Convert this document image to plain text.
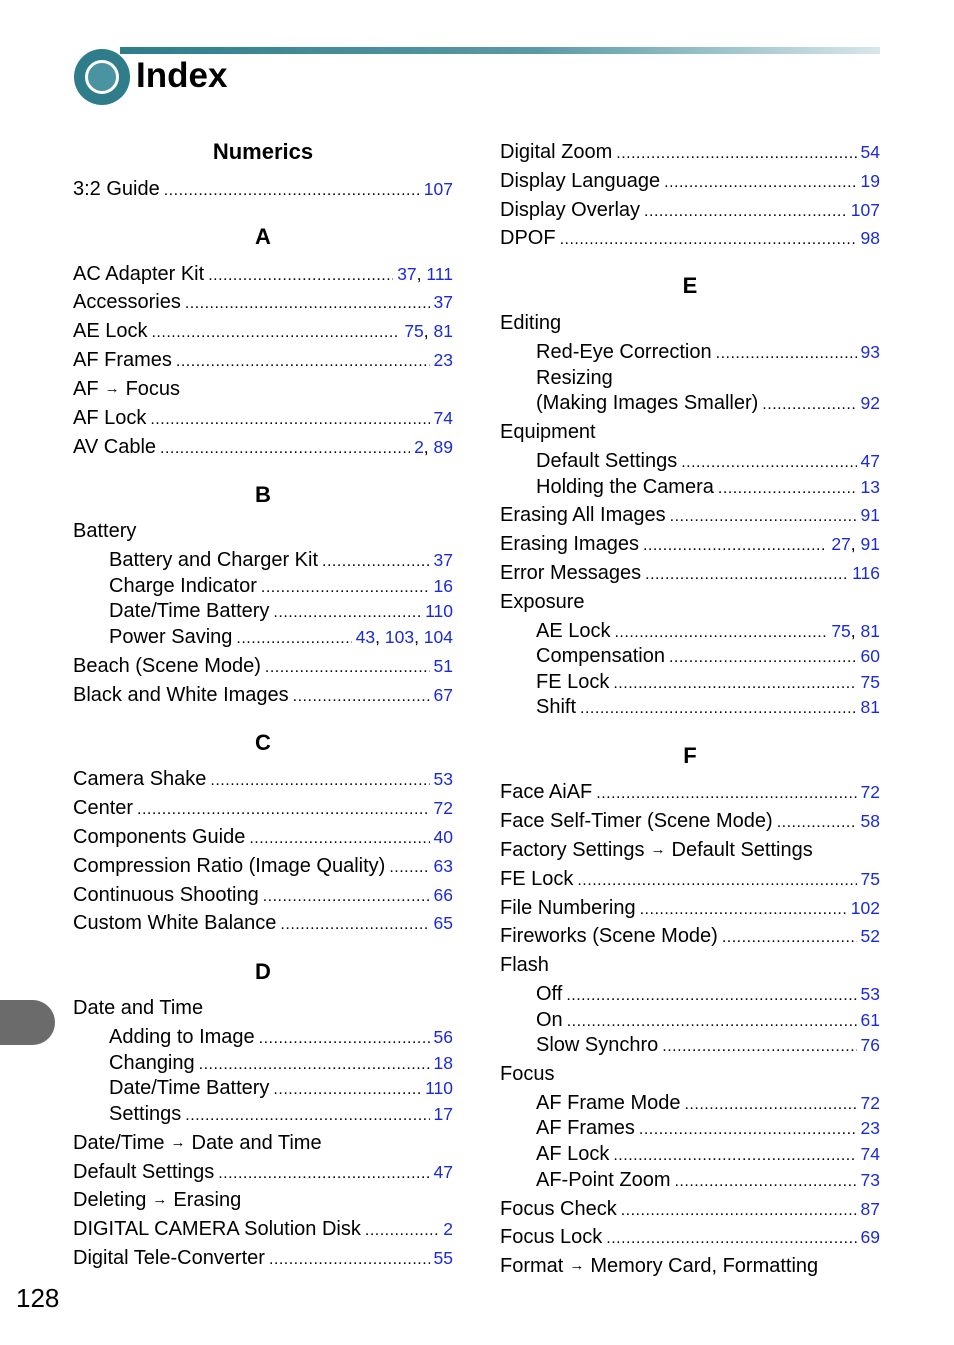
Index
Numerics
3:2 Guide .....	107
A
AC Adapter Kit .....	37, 111
Accessories .....	37
AE Lock .....	75, 81
AF Frames .....	23
AF → Focus
AF Lock .....	74
AV Cable .....	2, 89
B
Battery
Battery and Charger Kit .....	37
Charge Indicator .....	16
Date/Time Battery .....	110
Power Saving .....	43, 103, 104
Beach (Scene Mode) .....	51
Black and White Images .....	67
C
Camera Shake .....	53
Center .....	72
Components Guide .....	40
Compression Ratio (Image Quality) .....	63
Continuous Shooting .....	66
Custom White Balance .....	65
D
Date and Time
Adding to Image .....	56
Changing .....	18
Date/Time Battery .....	110
Settings .....	17
Date/Time → Date and Time
Default Settings .....	47
Deleting → Erasing
DIGITAL CAMERA Solution Disk .....	2
Digital Tele-Converter .....	55
Digital Zoom .....	54
Display Language .....	19
Display Overlay .....	107
DPOF .....	98
E
Editing
Red-Eye Correction .....	93
Resizing
(Making Images Smaller) .....	92
Equipment
Default Settings .....	47
Holding the Camera .....	13
Erasing All Images .....	91
Erasing Images .....	27, 91
Error Messages .....	116
Exposure
AE Lock .....	75, 81
Compensation .....	60
FE Lock .....	75
Shift .....	81
F
Face AiAF .....	72
Face Self-Timer (Scene Mode) .....	58
Factory Settings → Default Settings
FE Lock .....	75
File Numbering .....	102
Fireworks (Scene Mode) .....	52
Flash
Off .....	53
On .....	61
Slow Synchro .....	76
Focus
AF Frame Mode .....	72
AF Frames .....	23
AF Lock .....	74
AF-Point Zoom .....	73
Focus Check .....	87
Focus Lock .....	69
Format → Memory Card, Formatting
128
